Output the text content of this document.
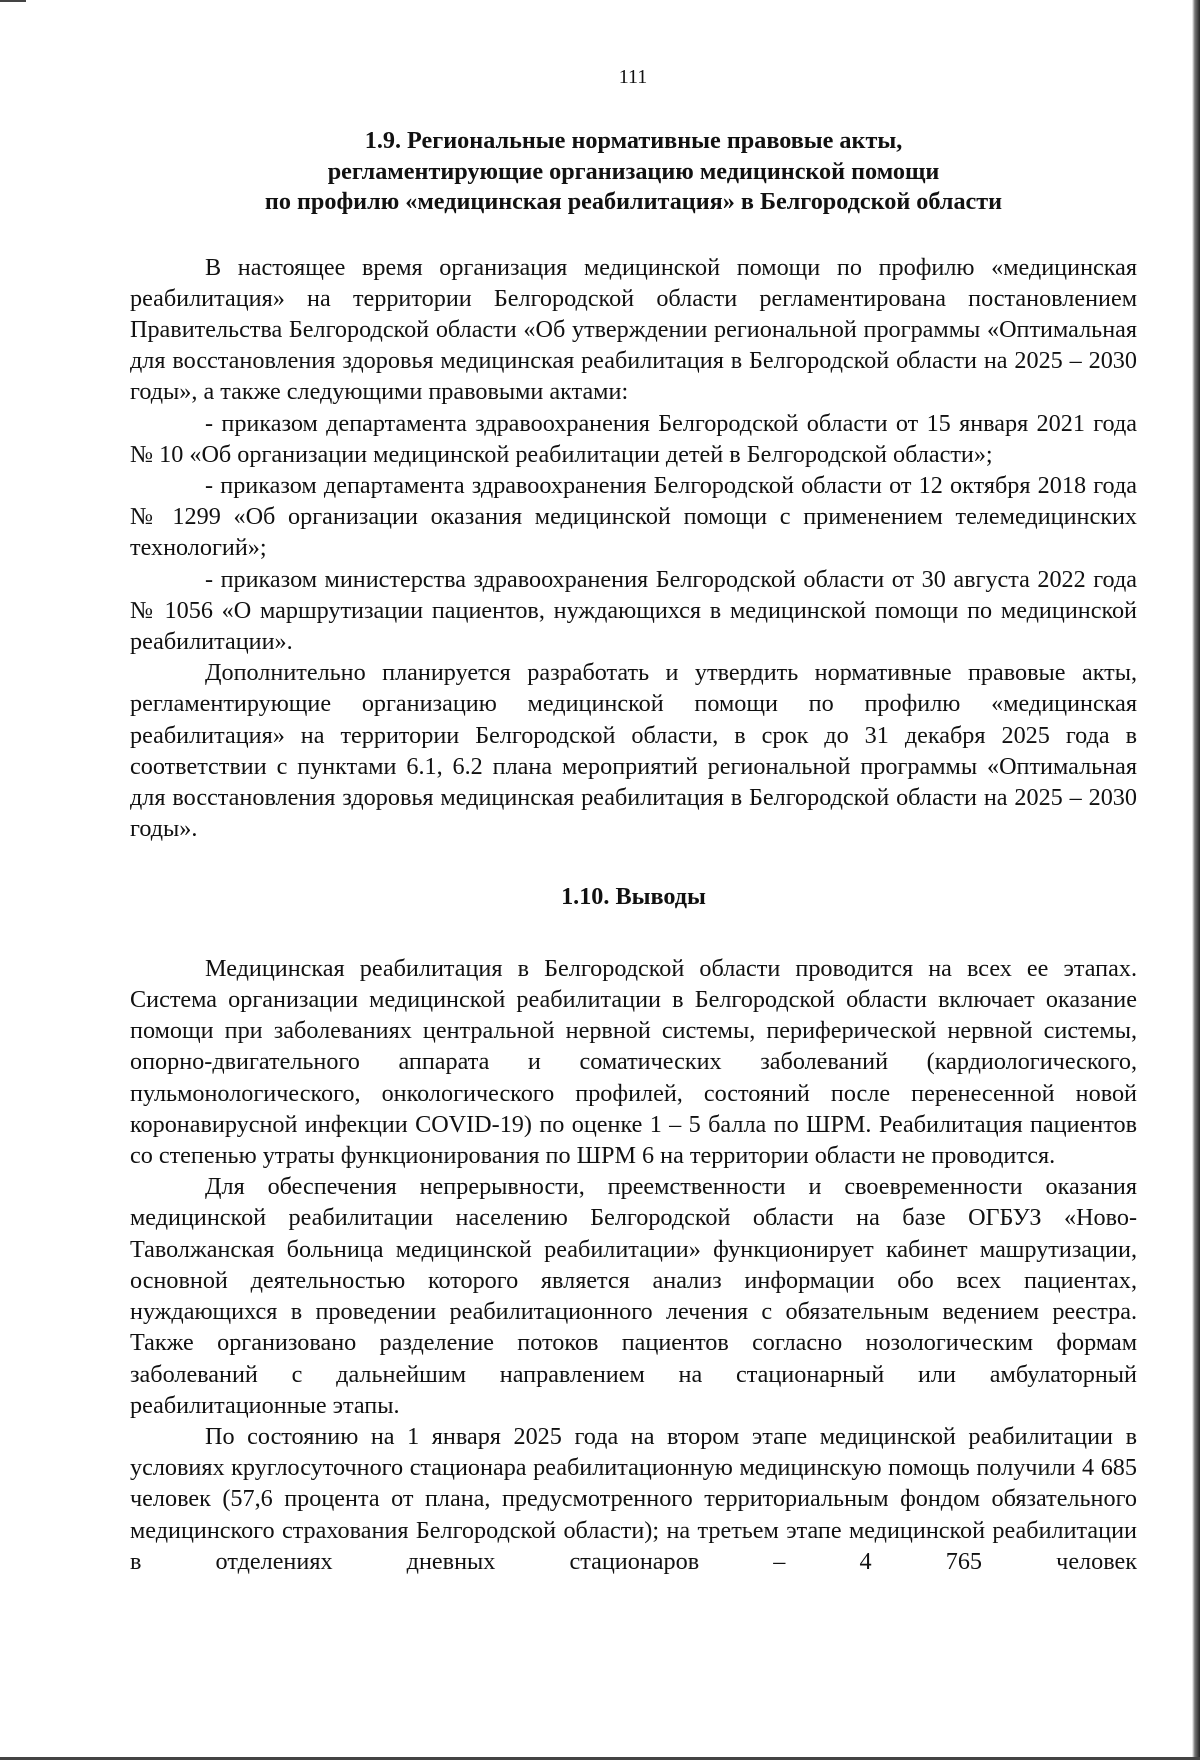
111
1.9. Региональные нормативные правовые акты,
регламентирующие организацию медицинской помощи
по профилю «медицинская реабилитация» в Белгородской области

В настоящее время организация медицинской помощи по профилю «медицинская реабилитация» на территории Белгородской области регламентирована постановлением Правительства Белгородской области «Об утверждении региональной программы «Оптимальная для восстановления здоровья медицинская реабилитация в Белгородской области на 2025 – 2030 годы», а также следующими правовыми актами:

- приказом департамента здравоохранения Белгородской области от 15 января 2021 года № 10 «Об организации медицинской реабилитации детей в Белгородской области»;

- приказом департамента здравоохранения Белгородской области от 12 октября 2018 года № 1299 «Об организации оказания медицинской помощи с применением телемедицинских технологий»;

- приказом министерства здравоохранения Белгородской области от 30 августа 2022 года № 1056 «О маршрутизации пациентов, нуждающихся в медицинской помощи по медицинской реабилитации».

Дополнительно планируется разработать и утвердить нормативные правовые акты, регламентирующие организацию медицинской помощи по профилю «медицинская реабилитация» на территории Белгородской области, в срок до 31 декабря 2025 года в соответствии с пунктами 6.1, 6.2 плана мероприятий региональной программы «Оптимальная для восстановления здоровья медицинская реабилитация в Белгородской области на 2025 – 2030 годы».

1.10. Выводы

Медицинская реабилитация в Белгородской области проводится на всех ее этапах. Система организации медицинской реабилитации в Белгородской области включает оказание помощи при заболеваниях центральной нервной системы, периферической нервной системы, опорно-двигательного аппарата и соматических заболеваний (кардиологического, пульмонологического, онкологического профилей, состояний после перенесенной новой коронавирусной инфекции COVID-19) по оценке 1 – 5 балла по ШРМ. Реабилитация пациентов со степенью утраты функционирования по ШРМ 6 на территории области не проводится.

Для обеспечения непрерывности, преемственности и своевременности оказания медицинской реабилитации населению Белгородской области на базе ОГБУЗ «Ново-Таволжанская больница медицинской реабилитации» функционирует кабинет машрутизации, основной деятельностью которого является анализ информации обо всех пациентах, нуждающихся в проведении реабилитационного лечения с обязательным ведением реестра. Также организовано разделение потоков пациентов согласно нозологическим формам заболеваний с дальнейшим направлением на стационарный или амбулаторный реабилитационные этапы.

По состоянию на 1 января 2025 года на втором этапе медицинской реабилитации в условиях круглосуточного стационара реабилитационную медицинскую помощь получили 4 685 человек (57,6 процента от плана, предусмотренного территориальным фондом обязательного медицинского страхования Белгородской области); на третьем этапе медицинской реабилитации в отделениях дневных стационаров – 4 765 человек
